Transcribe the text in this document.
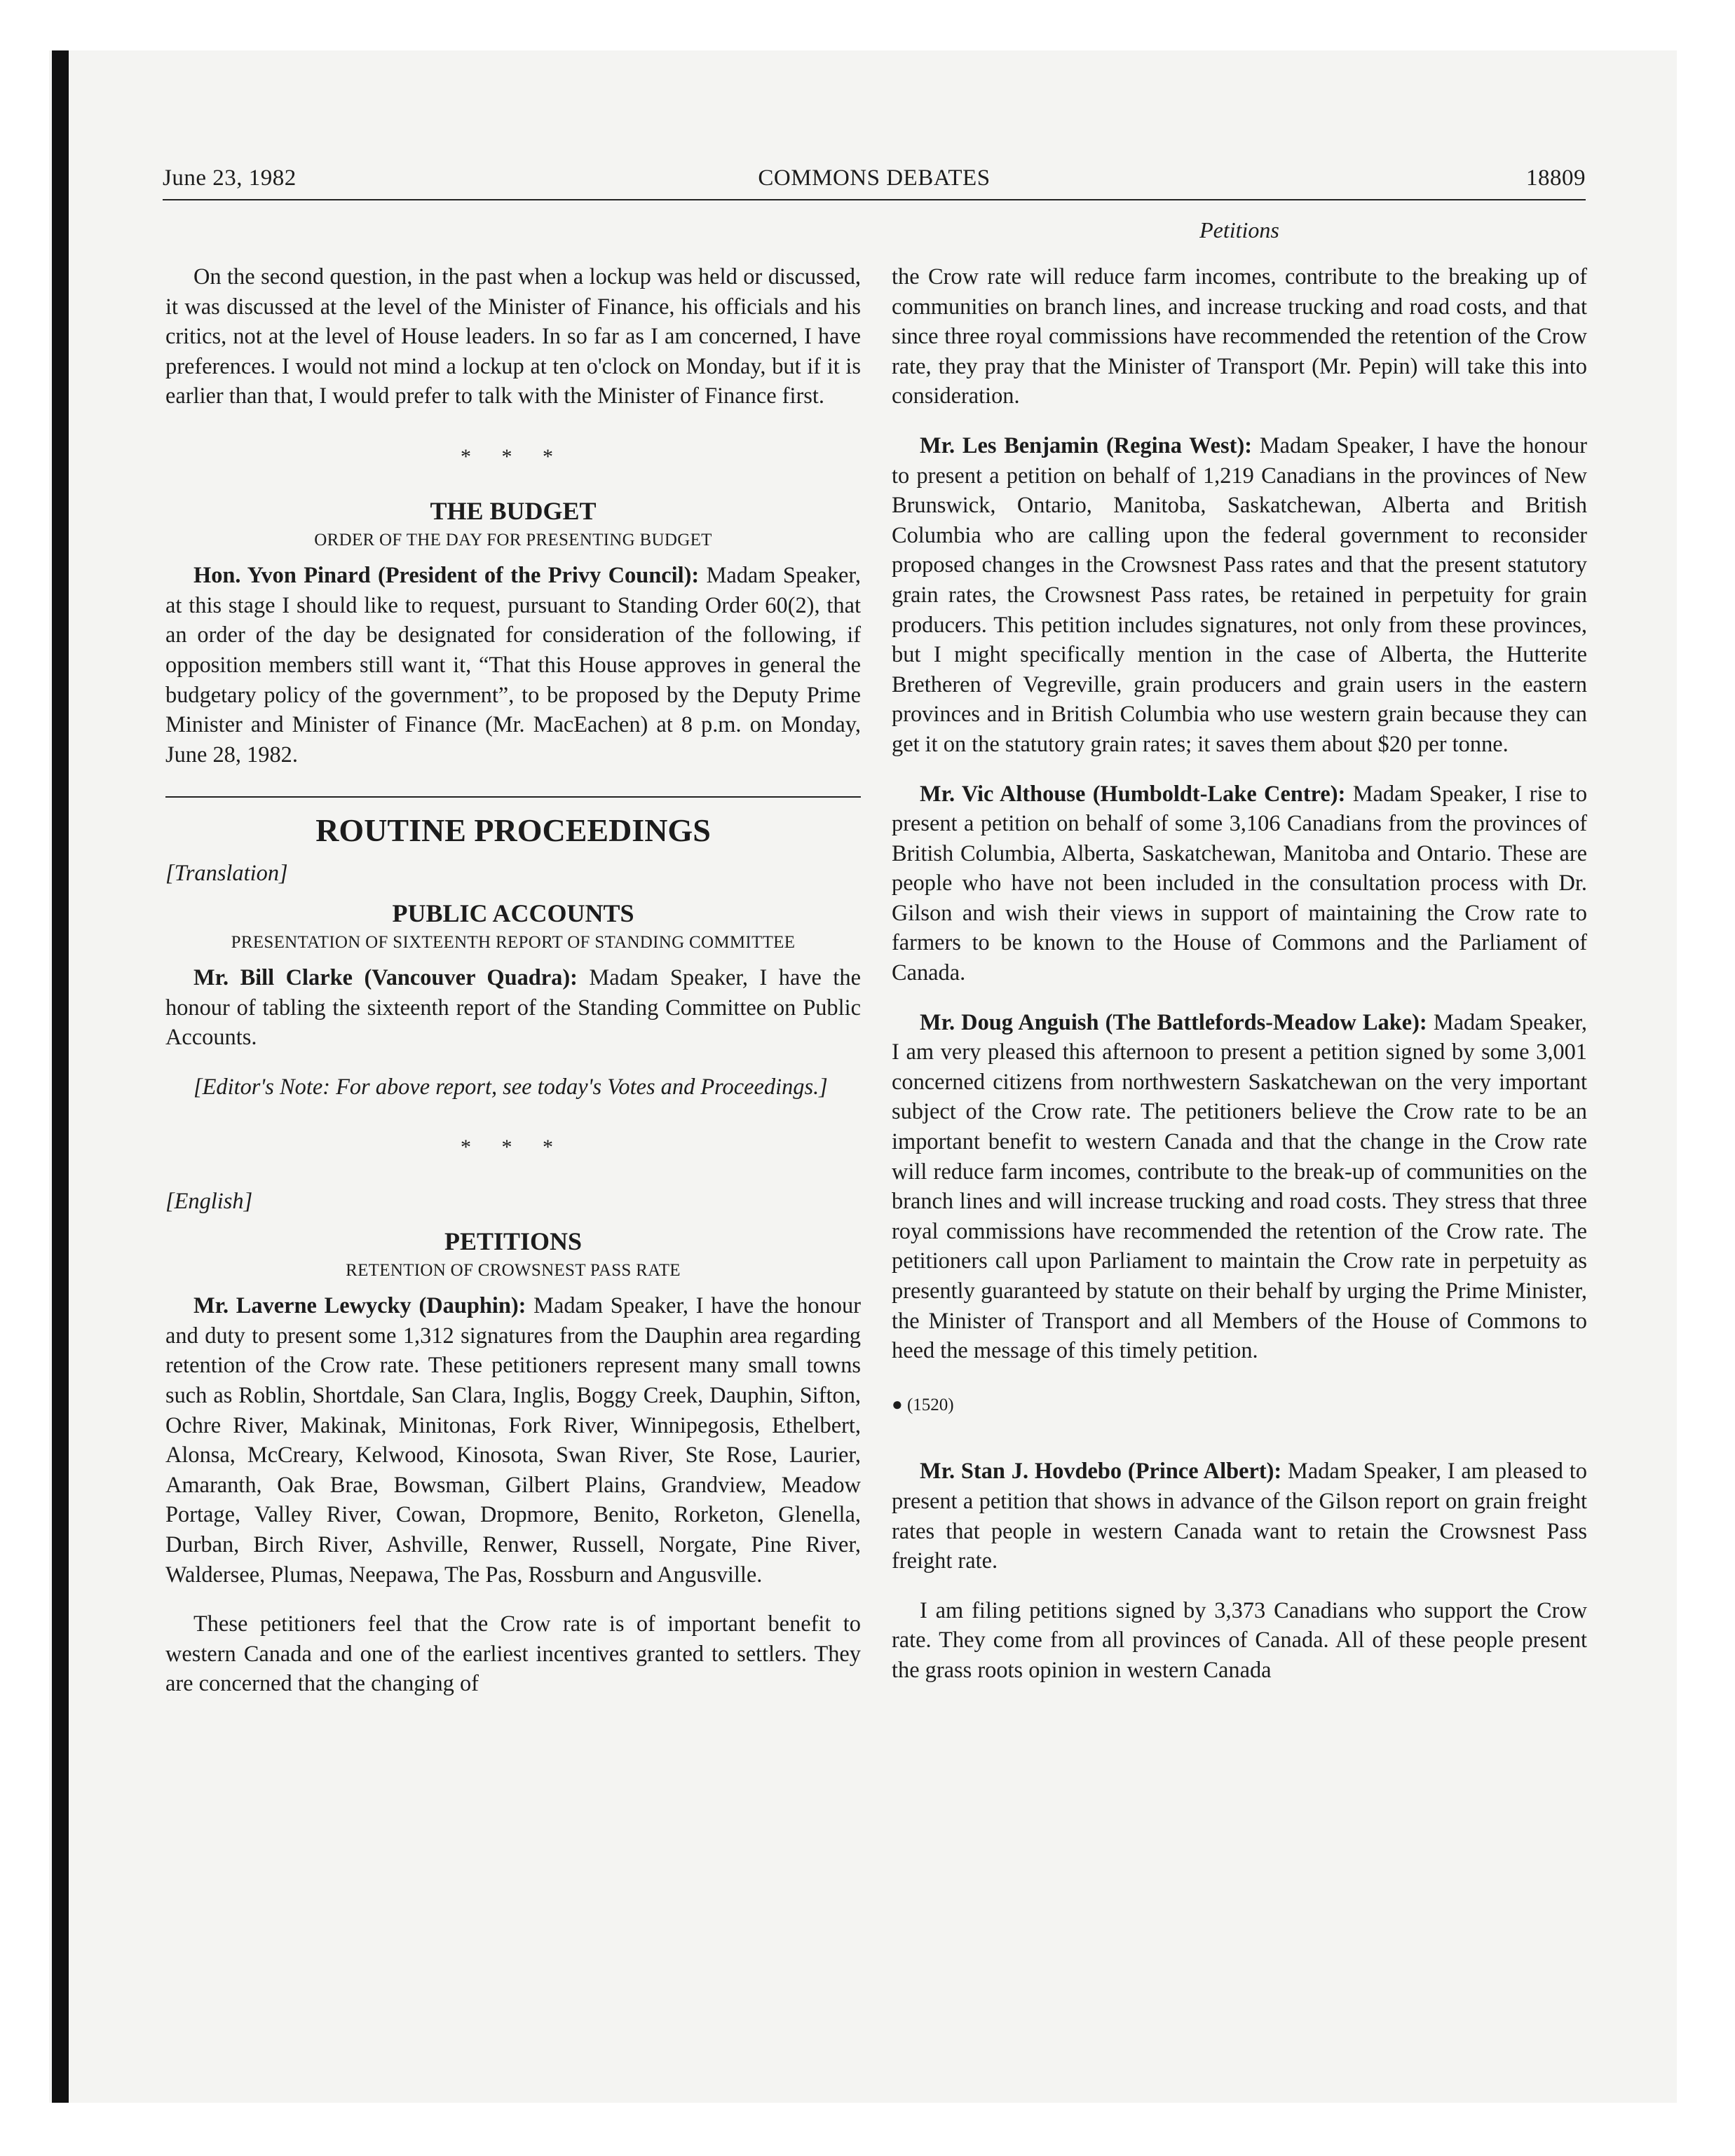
June 23, 1982	COMMONS DEBATES	18809
Petitions

On the second question, in the past when a lockup was held or discussed, it was discussed at the level of the Minister of Finance, his officials and his critics, not at the level of House leaders. In so far as I am concerned, I have preferences. I would not mind a lockup at ten o'clock on Monday, but if it is earlier than that, I would prefer to talk with the Minister of Finance first.

* * *
THE BUDGET
ORDER OF THE DAY FOR PRESENTING BUDGET

Hon. Yvon Pinard (President of the Privy Council): Madam Speaker, at this stage I should like to request, pursuant to Standing Order 60(2), that an order of the day be designated for consideration of the following, if opposition members still want it, “That this House approves in general the budgetary policy of the government”, to be proposed by the Deputy Prime Minister and Minister of Finance (Mr. MacEachen) at 8 p.m. on Monday, June 28, 1982.

ROUTINE PROCEEDINGS
[Translation]
PUBLIC ACCOUNTS
PRESENTATION OF SIXTEENTH REPORT OF STANDING COMMITTEE

Mr. Bill Clarke (Vancouver Quadra): Madam Speaker, I have the honour of tabling the sixteenth report of the Standing Committee on Public Accounts.

[Editor's Note: For above report, see today's Votes and Proceedings.]

* * *
[English]
PETITIONS
RETENTION OF CROWSNEST PASS RATE

Mr. Laverne Lewycky (Dauphin): Madam Speaker, I have the honour and duty to present some 1,312 signatures from the Dauphin area regarding retention of the Crow rate. These petitioners represent many small towns such as Roblin, Shortdale, San Clara, Inglis, Boggy Creek, Dauphin, Sifton, Ochre River, Makinak, Minitonas, Fork River, Winnipegosis, Ethelbert, Alonsa, McCreary, Kelwood, Kinosota, Swan River, Ste Rose, Laurier, Amaranth, Oak Brae, Bowsman, Gilbert Plains, Grandview, Meadow Portage, Valley River, Cowan, Dropmore, Benito, Rorketon, Glenella, Durban, Birch River, Ashville, Renwer, Russell, Norgate, Pine River, Waldersee, Plumas, Neepawa, The Pas, Rossburn and Angusville.

These petitioners feel that the Crow rate is of important benefit to western Canada and one of the earliest incentives granted to settlers. They are concerned that the changing of

the Crow rate will reduce farm incomes, contribute to the breaking up of communities on branch lines, and increase trucking and road costs, and that since three royal commissions have recommended the retention of the Crow rate, they pray that the Minister of Transport (Mr. Pepin) will take this into consideration.

Mr. Les Benjamin (Regina West): Madam Speaker, I have the honour to present a petition on behalf of 1,219 Canadians in the provinces of New Brunswick, Ontario, Manitoba, Saskatchewan, Alberta and British Columbia who are calling upon the federal government to reconsider proposed changes in the Crowsnest Pass rates and that the present statutory grain rates, the Crowsnest Pass rates, be retained in perpetuity for grain producers. This petition includes signatures, not only from these provinces, but I might specifically mention in the case of Alberta, the Hutterite Bretheren of Vegreville, grain producers and grain users in the eastern provinces and in British Columbia who use western grain because they can get it on the statutory grain rates; it saves them about $20 per tonne.

Mr. Vic Althouse (Humboldt-Lake Centre): Madam Speaker, I rise to present a petition on behalf of some 3,106 Canadians from the provinces of British Columbia, Alberta, Saskatchewan, Manitoba and Ontario. These are people who have not been included in the consultation process with Dr. Gilson and wish their views in support of maintaining the Crow rate to farmers to be known to the House of Commons and the Parliament of Canada.

Mr. Doug Anguish (The Battlefords-Meadow Lake): Madam Speaker, I am very pleased this afternoon to present a petition signed by some 3,001 concerned citizens from northwestern Saskatchewan on the very important subject of the Crow rate. The petitioners believe the Crow rate to be an important benefit to western Canada and that the change in the Crow rate will reduce farm incomes, contribute to the break-up of communities on the branch lines and will increase trucking and road costs. They stress that three royal commissions have recommended the retention of the Crow rate. The petitioners call upon Parliament to maintain the Crow rate in perpetuity as presently guaranteed by statute on their behalf by urging the Prime Minister, the Minister of Transport and all Members of the House of Commons to heed the message of this timely petition.

● (1520)

Mr. Stan J. Hovdebo (Prince Albert): Madam Speaker, I am pleased to present a petition that shows in advance of the Gilson report on grain freight rates that people in western Canada want to retain the Crowsnest Pass freight rate.

I am filing petitions signed by 3,373 Canadians who support the Crow rate. They come from all provinces of Canada. All of these people present the grass roots opinion in western Canada
